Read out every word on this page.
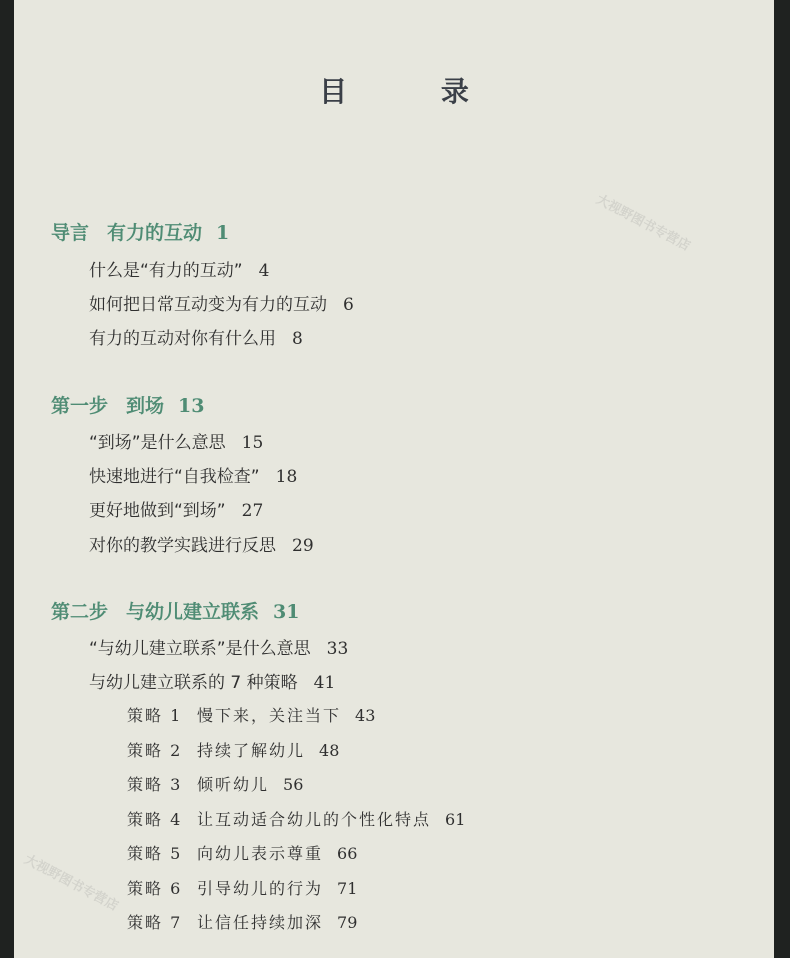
大视野图书专营店
大视野图书专营店
目 录
导言 有力的互动 1
什么是“有力的互动” 4
如何把日常互动变为有力的互动 6
有力的互动对你有什么用 8
第一步 到场 13
“到场”是什么意思 15
快速地进行“自我检查” 18
更好地做到“到场” 27
对你的教学实践进行反思 29
第二步 与幼儿建立联系 31
“与幼儿建立联系”是什么意思 33
与幼儿建立联系的 7 种策略 41
策略 1 慢下来，关注当下 43
策略 2 持续了解幼儿 48
策略 3 倾听幼儿 56
策略 4 让互动适合幼儿的个性化特点 61
策略 5 向幼儿表示尊重 66
策略 6 引导幼儿的行为 71
策略 7 让信任持续加深 79
